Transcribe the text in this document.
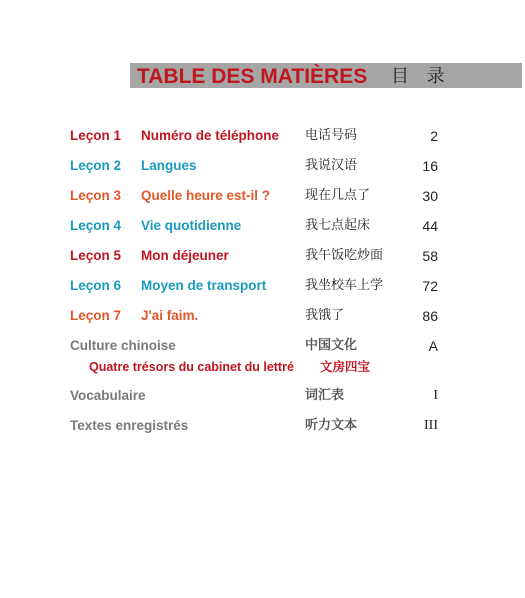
TABLE DES MATIÈRES 目 录
Leçon 1 Numéro de téléphone 电话号码	2
Leçon 2 Langues	我说汉语	16
Leçon 3 Quelle heure est-il ?	现在几点了	30
Leçon 4 Vie quotidienne	我七点起床	44
Leçon 5 Mon déjeuner	我午饭吃炒面	58
Leçon 6 Moyen de transport	我坐校车上学	72
Leçon 7 J'ai faim.	我饿了	86
Culture chinoise	中国文化	A
Quatre trésors du cabinet du lettré 文房四宝
Vocabulaire	词汇表	I
Textes enregistrés	听力文本	III
